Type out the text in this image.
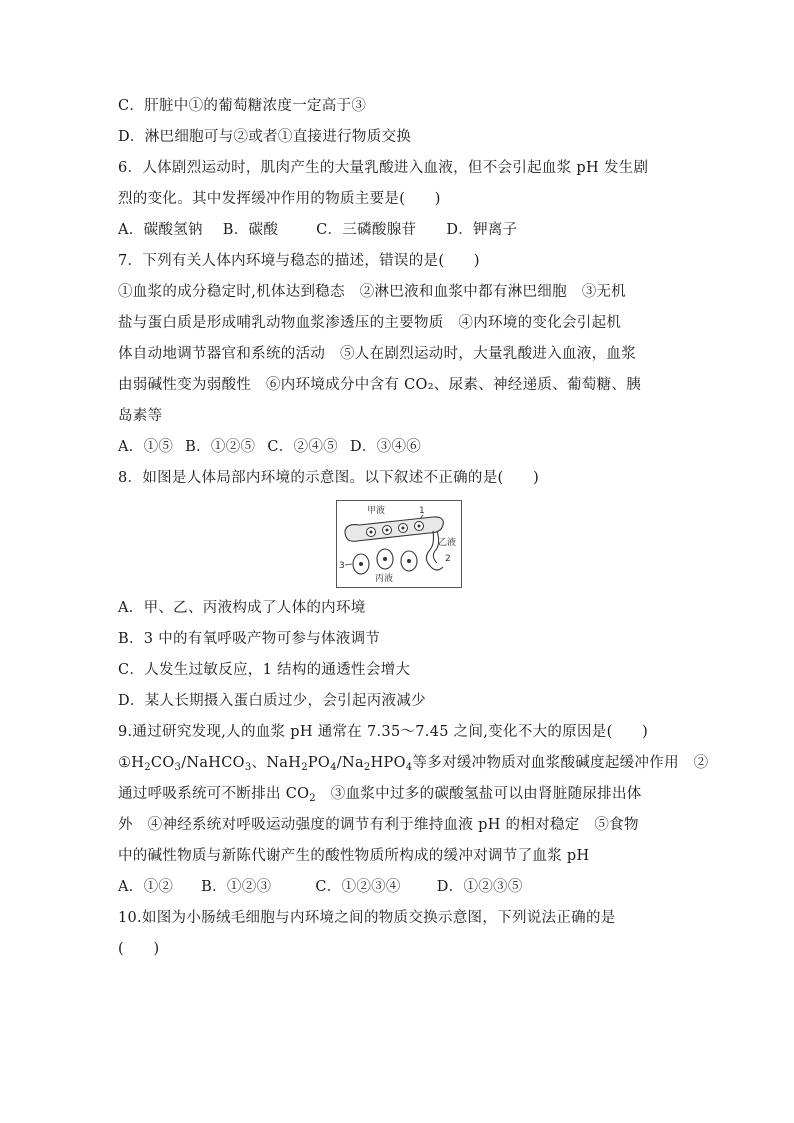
C．肝脏中①的葡萄糖浓度一定高于③
D．淋巴细胞可与②或者①直接进行物质交换
6．人体剧烈运动时，肌肉产生的大量乳酸进入血液，但不会引起血浆 pH 发生剧
烈的变化。其中发挥缓冲作用的物质主要是(　　)
A．碳酸氢钠 B．碳酸	C．三磷酸腺苷 D．钾离子
7．下列有关人体内环境与稳态的描述，错误的是(　　)
①血浆的成分稳定时,机体达到稳态　②淋巴液和血浆中都有淋巴细胞　③无机
盐与蛋白质是形成哺乳动物血浆渗透压的主要物质　④内环境的变化会引起机
体自动地调节器官和系统的活动　⑤人在剧烈运动时，大量乳酸进入血液，血浆
由弱碱性变为弱酸性　⑥内环境成分中含有 CO₂、尿素、神经递质、葡萄糖、胰
岛素等
A．①⑤ B．①②⑤ C．②④⑤ D．③④⑥
8．如图是人体局部内环境的示意图。以下叙述不正确的是(　　)
甲液	1
乙液
2
3
丙液
A．甲、乙、丙液构成了人体的内环境
B．3 中的有氧呼吸产物可参与体液调节
C．人发生过敏反应，1 结构的通透性会增大
D．某人长期摄入蛋白质过少，会引起丙液减少
9.通过研究发现,人的血浆 pH 通常在 7.35～7.45 之间,变化不大的原因是(　　)
$①H_2CO_3/NaHCO_3$、$NaH_2PO_4/Na_2HPO_4$等多对缓冲物质对血浆酸碱度起缓冲作用　②
通过呼吸系统可不断排出 $CO_2$　③血浆中过多的碳酸氢盐可以由肾脏随尿排出体
外　④神经系统对呼吸运动强度的调节有利于维持血液 pH 的相对稳定　⑤食物
中的碱性物质与新陈代谢产生的酸性物质所构成的缓冲对调节了血浆 pH
A．①② B．①②③	C．①②③④ D．①②③⑤
10.如图为小肠绒毛细胞与内环境之间的物质交换示意图，下列说法正确的是
(　　)
